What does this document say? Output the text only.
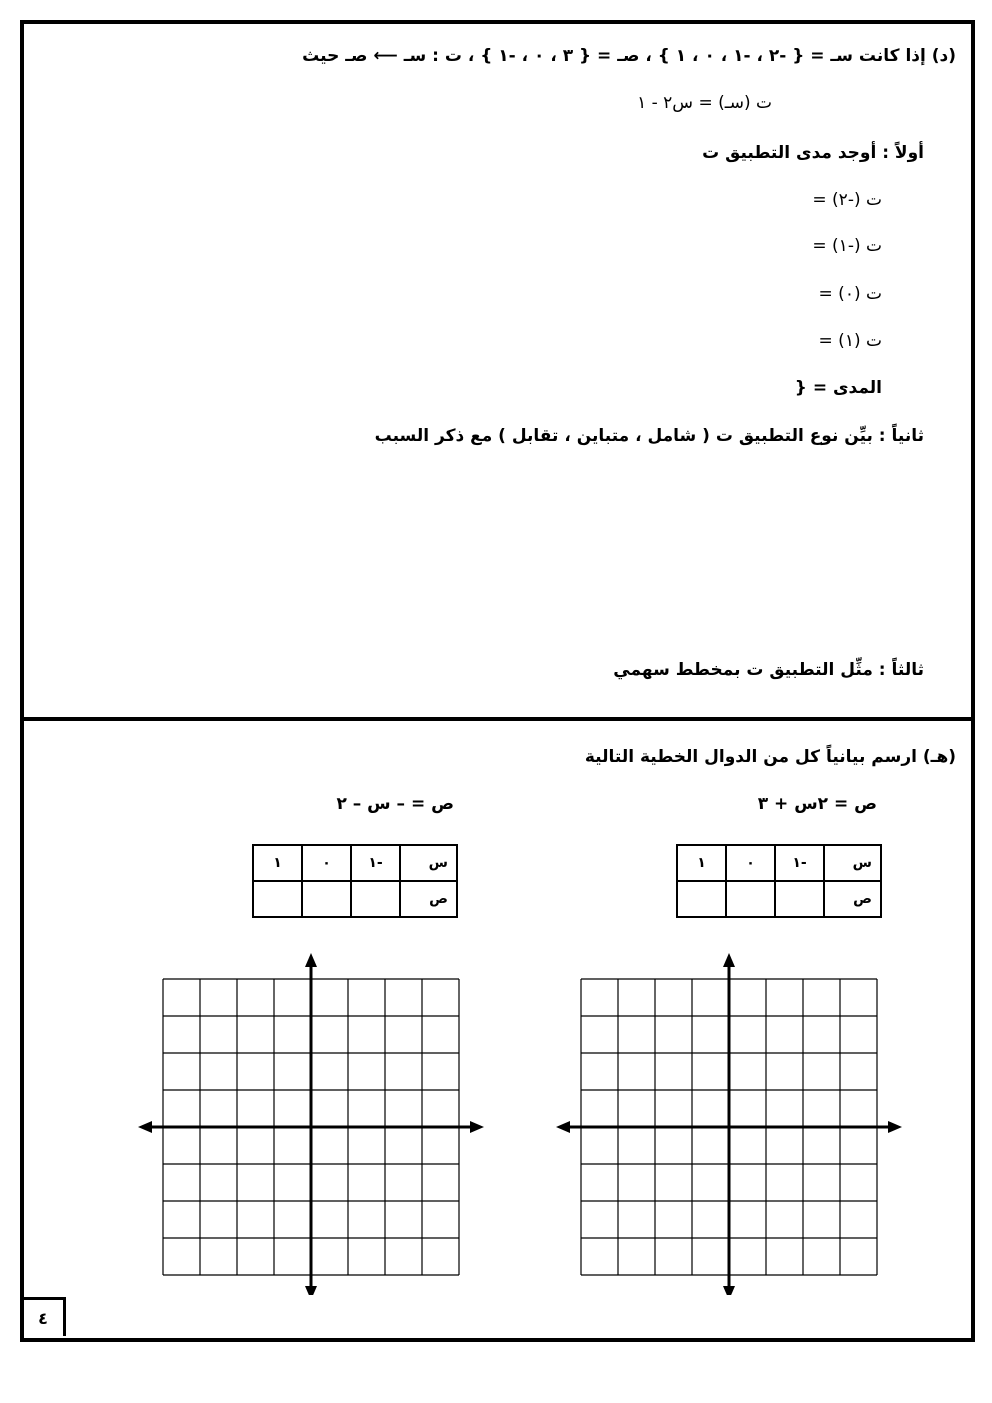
(د) إذا كانت سـ = { -٢ ، -١ ، ٠ ، ١ } ، صـ = { ٣ ، ٠ ، -١ } ، ت : سـ ⟵ صـ حيث
ت (سـ) = س٢ - ١
أولاً : أوجد مدى التطبيق ت
ت (-٢) =
ت (-١) =
ت (٠) =
ت (١) =
المدى = {
ثانياً : بيِّن نوع التطبيق ت ( شامل ، متباين ، تقابل ) مع ذكر السبب
ثالثاً : مثِّل التطبيق ت بمخطط سهمي
(هـ) ارسم بيانياً كل من الدوال الخطية التالية
ص = ٢س + ٣
ص = – س – ٢
س	-١	٠	١
ص			
س	-١	٠	١
ص			
٤
